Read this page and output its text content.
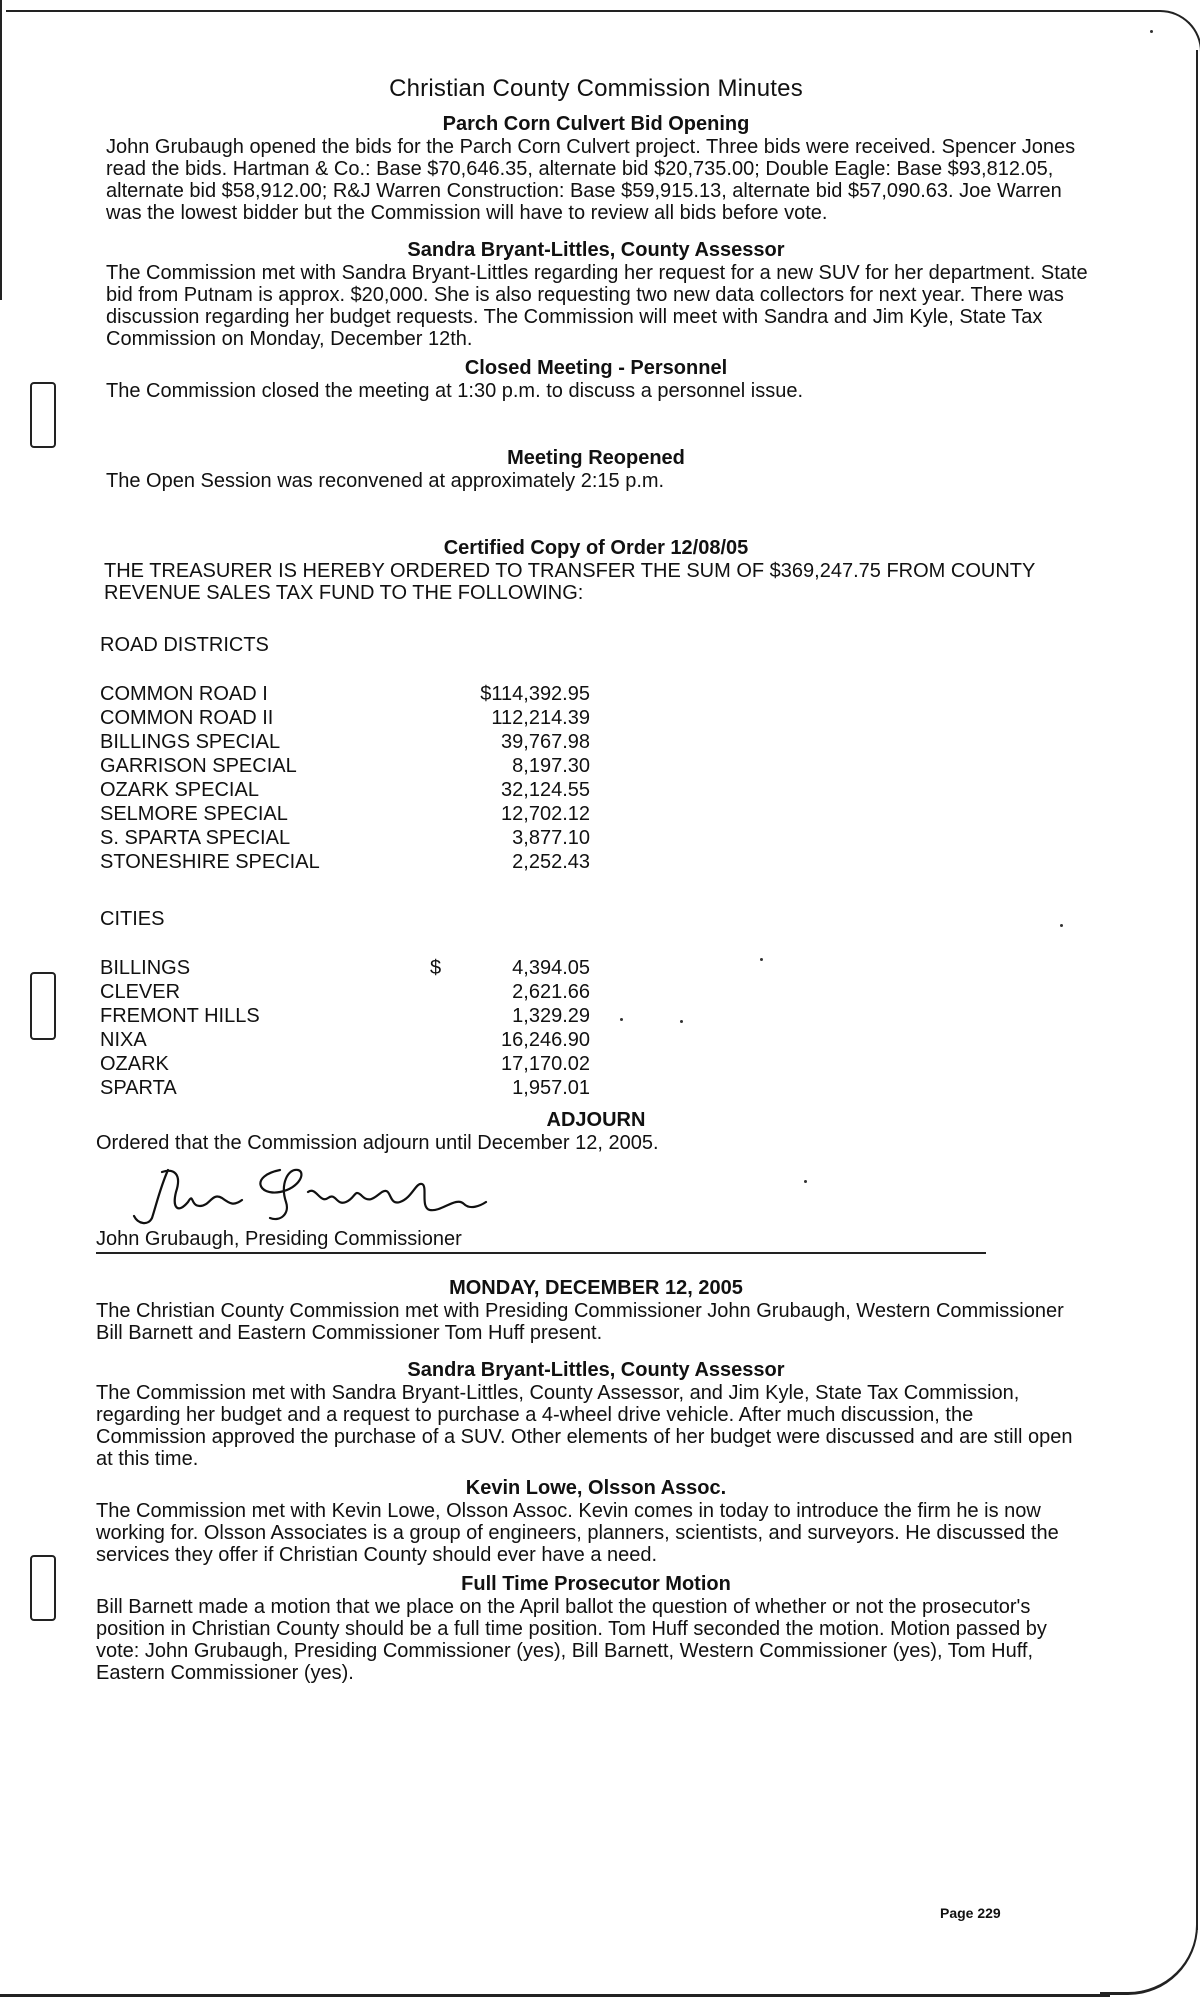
Christian County Commission Minutes
Parch Corn Culvert Bid Opening

John Grubaugh opened the bids for the Parch Corn Culvert project. Three bids were received. Spencer Jones read the bids. Hartman & Co.: Base $70,646.35, alternate bid $20,735.00; Double Eagle: Base $93,812.05, alternate bid $58,912.00; R&J Warren Construction: Base $59,915.13, alternate bid $57,090.63. Joe Warren was the lowest bidder but the Commission will have to review all bids before vote.

Sandra Bryant-Littles, County Assessor

The Commission met with Sandra Bryant-Littles regarding her request for a new SUV for her department. State bid from Putnam is approx. $20,000. She is also requesting two new data collectors for next year. There was discussion regarding her budget requests. The Commission will meet with Sandra and Jim Kyle, State Tax Commission on Monday, December 12th.

Closed Meeting - Personnel

The Commission closed the meeting at 1:30 p.m. to discuss a personnel issue.

Meeting Reopened

The Open Session was reconvened at approximately 2:15 p.m.

Certified Copy of Order 12/08/05

THE TREASURER IS HEREBY ORDERED TO TRANSFER THE SUM OF $369,247.75 FROM COUNTY REVENUE SALES TAX FUND TO THE FOLLOWING:

ROAD DISTRICTS
COMMON ROAD I	$114,392.95
COMMON ROAD II	112,214.39
BILLINGS SPECIAL	39,767.98
GARRISON SPECIAL	8,197.30
OZARK SPECIAL	32,124.55
SELMORE SPECIAL	12,702.12
S. SPARTA SPECIAL	3,877.10
STONESHIRE SPECIAL	2,252.43
CITIES
BILLINGS	$	4,394.05
CLEVER	2,621.66
FREMONT HILLS	1,329.29
NIXA	16,246.90
OZARK	17,170.02
SPARTA	1,957.01
ADJOURN

Ordered that the Commission adjourn until December 12, 2005.

John Grubaugh, Presiding Commissioner
MONDAY, DECEMBER 12, 2005

The Christian County Commission met with Presiding Commissioner John Grubaugh, Western Commissioner Bill Barnett and Eastern Commissioner Tom Huff present.

Sandra Bryant-Littles, County Assessor

The Commission met with Sandra Bryant-Littles, County Assessor, and Jim Kyle, State Tax Commission, regarding her budget and a request to purchase a 4-wheel drive vehicle. After much discussion, the Commission approved the purchase of a SUV. Other elements of her budget were discussed and are still open at this time.

Kevin Lowe, Olsson Assoc.

The Commission met with Kevin Lowe, Olsson Assoc. Kevin comes in today to introduce the firm he is now working for. Olsson Associates is a group of engineers, planners, scientists, and surveyors. He discussed the services they offer if Christian County should ever have a need.

Full Time Prosecutor Motion

Bill Barnett made a motion that we place on the April ballot the question of whether or not the prosecutor's position in Christian County should be a full time position. Tom Huff seconded the motion. Motion passed by vote: John Grubaugh, Presiding Commissioner (yes), Bill Barnett, Western Commissioner (yes), Tom Huff, Eastern Commissioner (yes).

Page 229
